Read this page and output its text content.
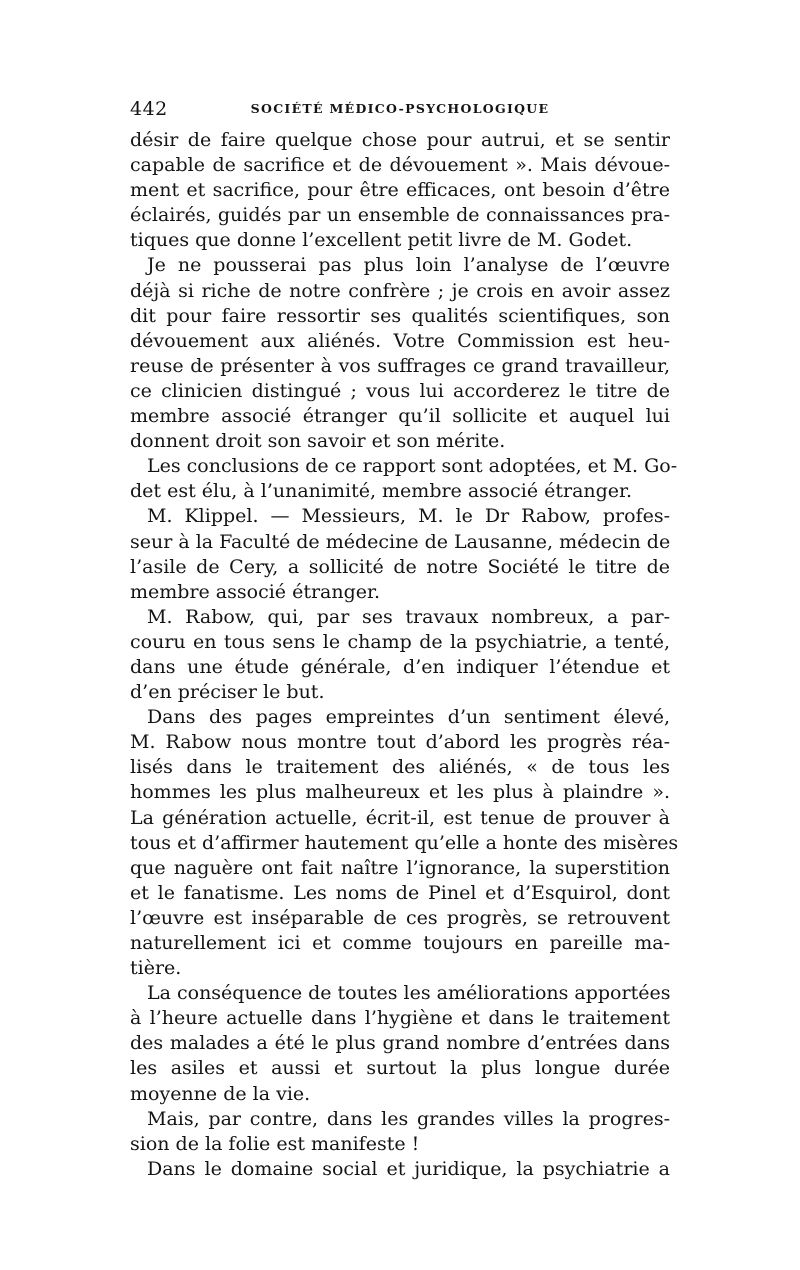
442	SOCIÉTÉ MÉDICO-PSYCHOLOGIQUE
désir de faire quelque chose pour autrui, et se sentir
capable de sacrifice et de dévouement ». Mais dévoue-
ment et sacrifice, pour être efficaces, ont besoin d’être
éclairés, guidés par un ensemble de connaissances pra-
tiques que donne l’excellent petit livre de M. Godet.
Je ne pousserai pas plus loin l’analyse de l’œuvre
déjà si riche de notre confrère ; je crois en avoir assez
dit pour faire ressortir ses qualités scientifiques, son
dévouement aux aliénés. Votre Commission est heu-
reuse de présenter à vos suffrages ce grand travailleur,
ce clinicien distingué ; vous lui accorderez le titre de
membre associé étranger qu’il sollicite et auquel lui
donnent droit son savoir et son mérite.
Les conclusions de ce rapport sont adoptées, et M. Go-
det est élu, à l’unanimité, membre associé étranger.
M. Klippel. — Messieurs, M. le Dr Rabow, profes-
seur à la Faculté de médecine de Lausanne, médecin de
l’asile de Cery, a sollicité de notre Société le titre de
membre associé étranger.
M. Rabow, qui, par ses travaux nombreux, a par-
couru en tous sens le champ de la psychiatrie, a tenté,
dans une étude générale, d’en indiquer l’étendue et
d’en préciser le but.
Dans des pages empreintes d’un sentiment élevé,
M. Rabow nous montre tout d’abord les progrès réa-
lisés dans le traitement des aliénés, « de tous les
hommes les plus malheureux et les plus à plaindre ».
La génération actuelle, écrit-il, est tenue de prouver à
tous et d’affirmer hautement qu’elle a honte des misères
que naguère ont fait naître l’ignorance, la superstition
et le fanatisme. Les noms de Pinel et d’Esquirol, dont
l’œuvre est inséparable de ces progrès, se retrouvent
naturellement ici et comme toujours en pareille ma-
tière.
La conséquence de toutes les améliorations apportées
à l’heure actuelle dans l’hygiène et dans le traitement
des malades a été le plus grand nombre d’entrées dans
les asiles et aussi et surtout la plus longue durée
moyenne de la vie.
Mais, par contre, dans les grandes villes la progres-
sion de la folie est manifeste !
Dans le domaine social et juridique, la psychiatrie a
